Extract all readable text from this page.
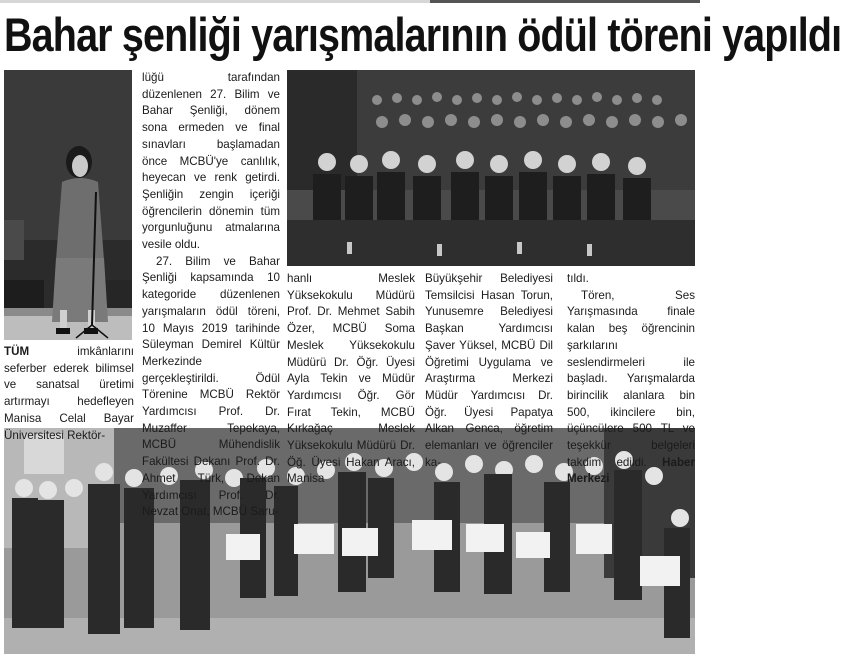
Bahar şenliği yarışmalarının ödül töreni yapıldı

TÜM imkânlarını seferber ederek bilimsel ve sanatsal üretimi artırmayı hedefleyen Manisa Celal Bayar Üniversitesi Rektör-

lüğü tarafından düzenlenen 27. Bilim ve Bahar Şenliği, dönem sona ermeden ve final sınavları başlamadan önce MCBÜ'ye canlılık, heyecan ve renk getirdi. Şenliğin zengin içeriği öğrencilerin dönemin tüm yorgunluğunu atmalarına vesile oldu.

27. Bilim ve Bahar Şenliği kapsamında 10 kategoride düzenlenen yarışmaların ödül töreni, 10 Mayıs 2019 tarihinde Süleyman Demirel Kültür Merkezinde gerçekleştirildi. Ödül Törenine MCBÜ Rektör Yardımcısı Prof. Dr. Muzaffer Tepekaya, MCBÜ Mühendislik Fakültesi Dekanı Prof. Dr. Ahmet Türk, Dekan Yardımcısı Prof. Dr. Nevzat Onat, MCBÜ Saru-

hanlı Meslek Yüksekokulu Müdürü Prof. Dr. Mehmet Sabih Özer, MCBÜ Soma Meslek Yüksekokulu Müdürü Dr. Öğr. Üyesi Ayla Tekin ve Müdür Yardımcısı Öğr. Gör Fırat Tekin, MCBÜ Kırkağaç Meslek Yüksekokulu Müdürü Dr. Öğ. Üyesi Hakan Aracı, Manisa

Büyükşehir Belediyesi Temsilcisi Hasan Torun, Yunusemre Belediyesi Başkan Yardımcısı Şaver Yüksel, MCBÜ Dil Öğretimi Uygulama ve Araştırma Merkezi Müdür Yardımcısı Dr. Öğr. Üyesi Papatya Alkan Genca, öğretim elemanları ve öğrenciler ka-

tıldı.

Tören, Ses Yarışmasında finale kalan beş öğrencinin şarkılarını seslendirmeleri ile başladı. Yarışmalarda birincilik alanlara bin 500, ikincilere bin, üçüncülere 500 TL ve teşekkür belgeleri takdim edildi. Haber Merkezi
